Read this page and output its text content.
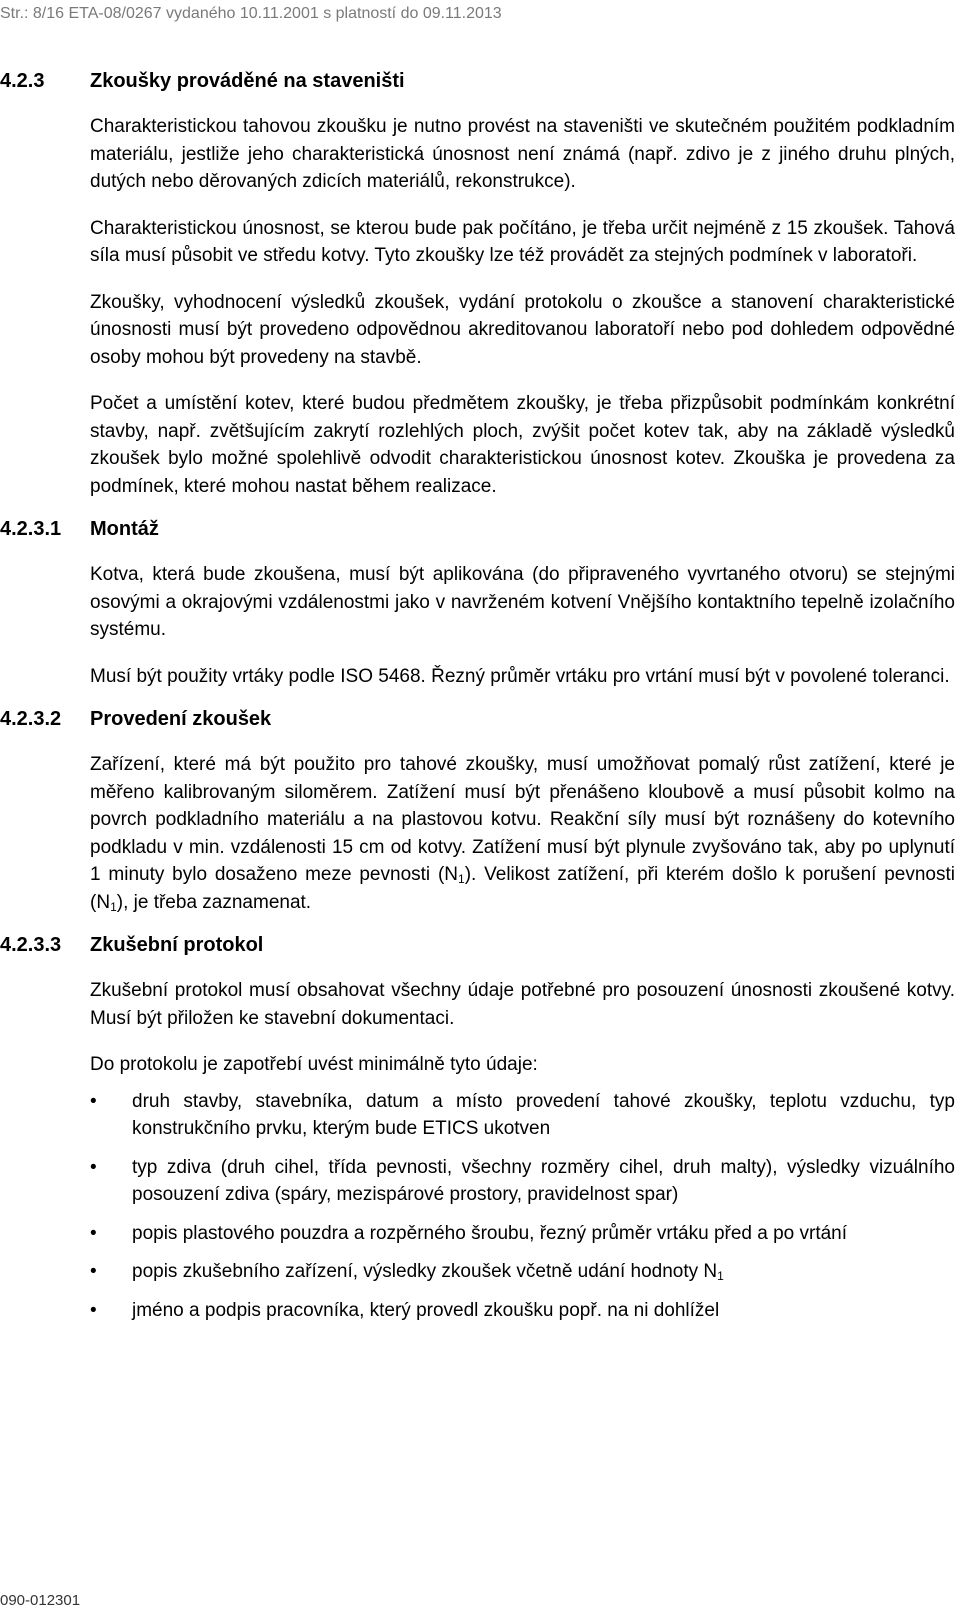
Str.: 8/16 ETA-08/0267 vydaného 10.11.2001 s platností do 09.11.2013
4.2.3	Zkoušky prováděné na staveništi

Charakteristickou tahovou zkoušku je nutno provést na staveništi ve skutečném použitém podkladním materiálu, jestliže jeho charakteristická únosnost není známá (např. zdivo je z jiného druhu plných, dutých nebo děrovaných zdicích materiálů, rekonstrukce).

Charakteristickou únosnost, se kterou bude pak počítáno, je třeba určit nejméně z 15 zkoušek. Tahová síla musí působit ve středu kotvy. Tyto zkoušky lze též provádět za stejných podmínek v laboratoři.

Zkoušky, vyhodnocení výsledků zkoušek, vydání protokolu o zkoušce a stanovení charakteristické únosnosti musí být provedeno odpovědnou akreditovanou laboratoří nebo pod dohledem odpovědné osoby mohou být provedeny na stavbě.

Počet a umístění kotev, které budou předmětem zkoušky, je třeba přizpůsobit podmínkám konkrétní stavby, např. zvětšujícím zakrytí rozlehlých ploch, zvýšit počet kotev tak, aby na základě výsledků zkoušek bylo možné spolehlivě odvodit charakteristickou únosnost kotev. Zkouška je provedena za podmínek, které mohou nastat během realizace.

4.2.3.1	Montáž

Kotva, která bude zkoušena, musí být aplikována (do připraveného vyvrtaného otvoru) se stejnými osovými a okrajovými vzdálenostmi jako v navrženém kotvení Vnějšího kontaktního tepelně izolačního systému.

Musí být použity vrtáky podle ISO 5468. Řezný průměr vrtáku pro vrtání musí být v povolené toleranci.

4.2.3.2	Provedení zkoušek

Zařízení, které má být použito pro tahové zkoušky, musí umožňovat pomalý růst zatížení, které je měřeno kalibrovaným siloměrem. Zatížení musí být přenášeno kloubově a musí působit kolmo na povrch podkladního materiálu a na plastovou kotvu. Reakční síly musí být roznášeny do kotevního podkladu v min. vzdálenosti 15 cm od kotvy. Zatížení musí být plynule zvyšováno tak, aby po uplynutí 1 minuty bylo dosaženo meze pevnosti $(N_1)$. Velikost zatížení, při kterém došlo k porušení pevnosti $(N_1)$, je třeba zaznamenat.

4.2.3.3	Zkušební protokol

Zkušební protokol musí obsahovat všechny údaje potřebné pro posouzení únosnosti zkoušené kotvy. Musí být přiložen ke stavební dokumentaci.

Do protokolu je zapotřebí uvést minimálně tyto údaje:

• druh stavby, stavebníka, datum a místo provedení tahové zkoušky, teplotu vzduchu, typ konstrukčního prvku, kterým bude ETICS ukotven
• typ zdiva (druh cihel, třída pevnosti, všechny rozměry cihel, druh malty), výsledky vizuálního posouzení zdiva (spáry, mezispárové prostory, pravidelnost spar)
• popis plastového pouzdra a rozpěrného šroubu, řezný průměr vrtáku před a po vrtání
• popis zkušebního zařízení, výsledky zkoušek včetně udání hodnoty $N_1$
• jméno a podpis pracovníka, který provedl zkoušku popř. na ni dohlížel
090-012301
